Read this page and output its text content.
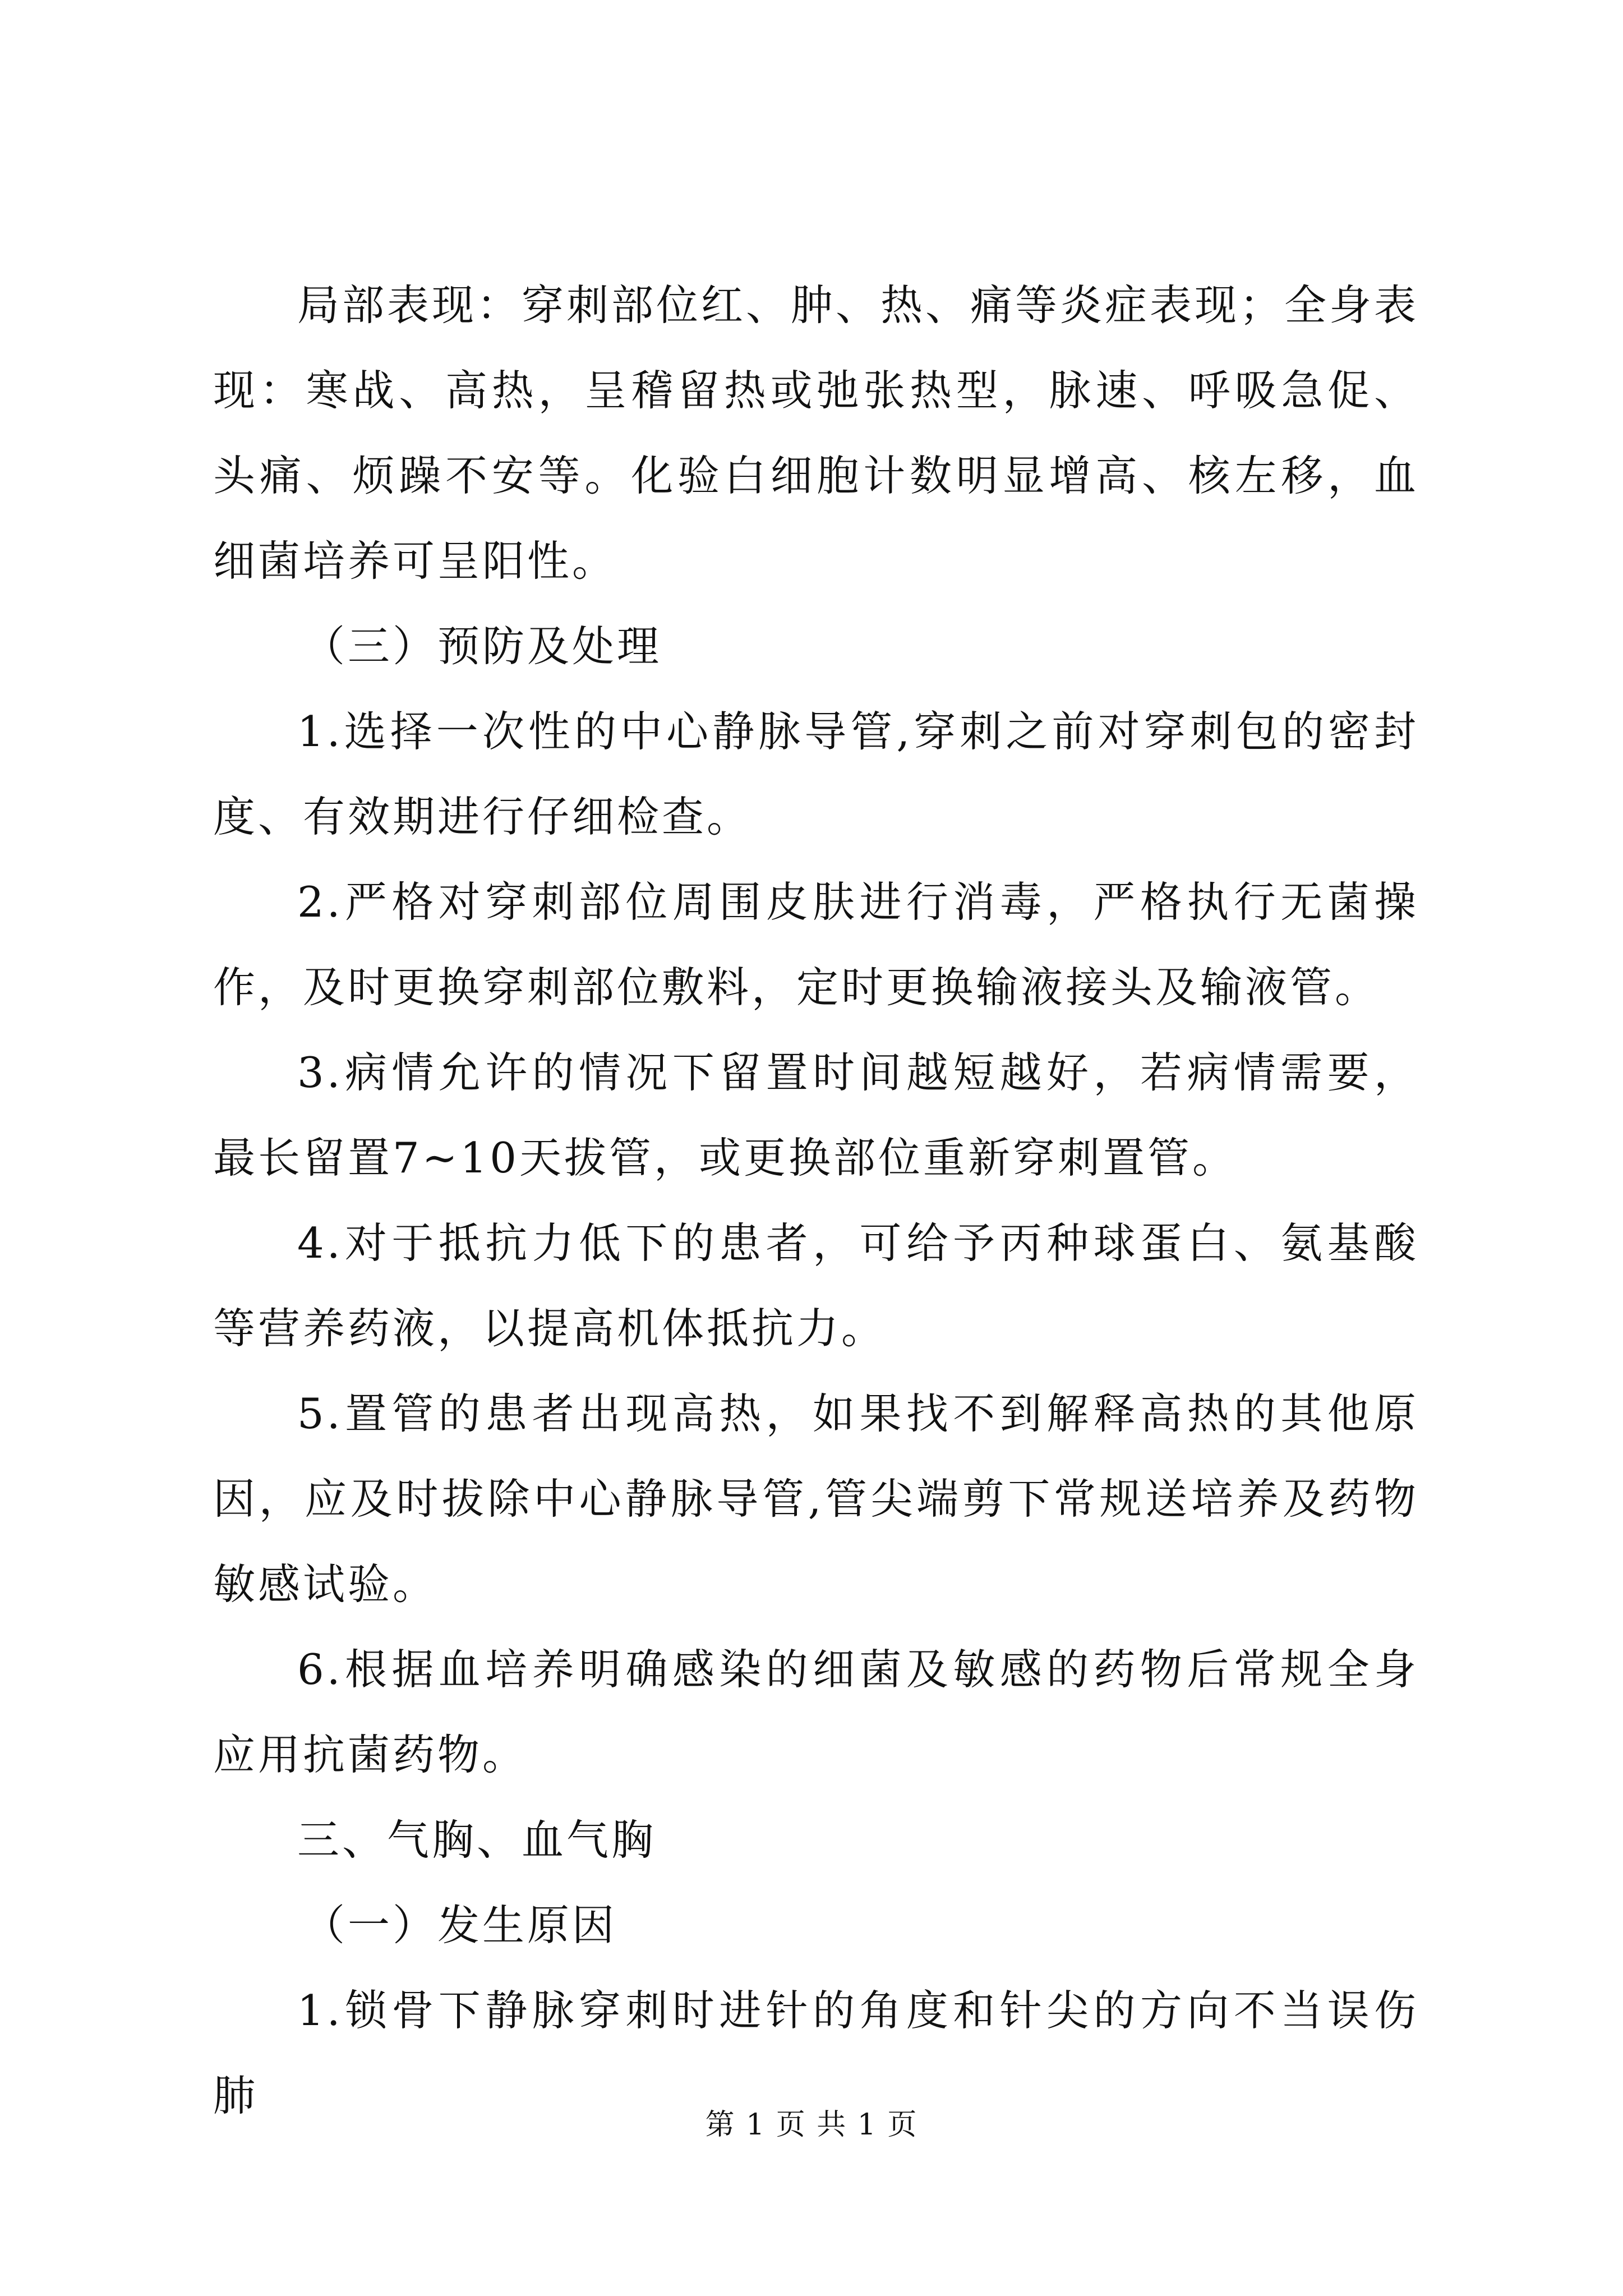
局部表现：穿刺部位红、肿、热、痛等炎症表现；全身表现：寒战、高热，呈稽留热或弛张热型，脉速、呼吸急促、头痛、烦躁不安等。化验白细胞计数明显增高、核左移，血细菌培养可呈阳性。

（三）预防及处理

1.选择一次性的中心静脉导管,穿刺之前对穿刺包的密封度、有效期进行仔细检查。

2.严格对穿刺部位周围皮肤进行消毒，严格执行无菌操作，及时更换穿刺部位敷料，定时更换输液接头及输液管。

3.病情允许的情况下留置时间越短越好，若病情需要，最长留置7~10天拔管，或更换部位重新穿刺置管。

4.对于抵抗力低下的患者，可给予丙种球蛋白、氨基酸等营养药液，以提高机体抵抗力。

5.置管的患者出现高热，如果找不到解释高热的其他原因，应及时拔除中心静脉导管,管尖端剪下常规送培养及药物敏感试验。

6.根据血培养明确感染的细菌及敏感的药物后常规全身应用抗菌药物。

三、气胸、血气胸

（一）发生原因

1.锁骨下静脉穿刺时进针的角度和针尖的方向不当误伤肺

第 1 页 共 1 页
